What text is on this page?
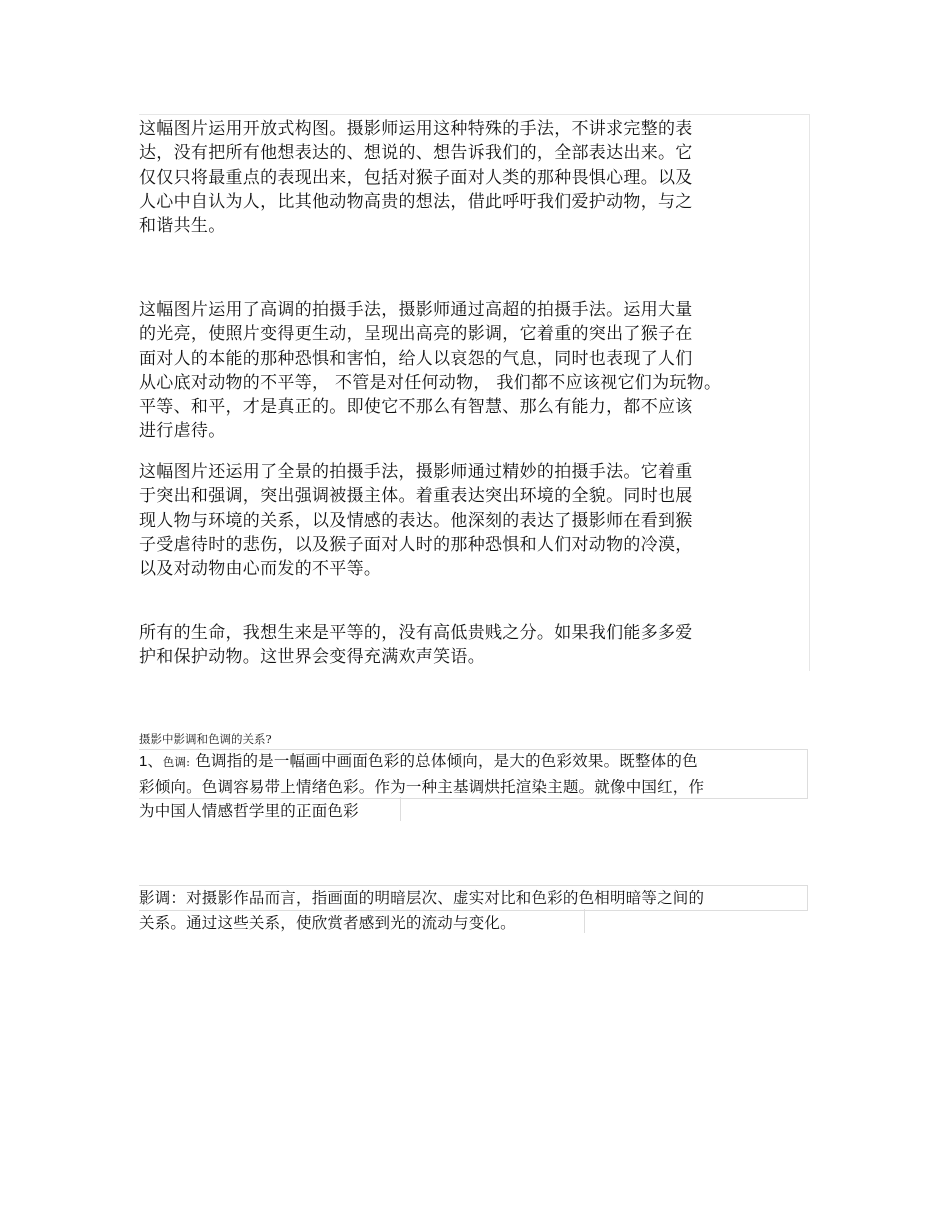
这幅图片运用开放式构图。摄影师运用这种特殊的手法，不讲求完整的表
达，没有把所有他想表达的、想说的、想告诉我们的，全部表达出来。它
仅仅只将最重点的表现出来，包括对猴子面对人类的那种畏惧心理。以及
人心中自认为人，比其他动物高贵的想法，借此呼吁我们爱护动物，与之
和谐共生。

这幅图片运用了高调的拍摄手法，摄影师通过高超的拍摄手法。运用大量
的光亮，使照片变得更生动，呈现出高亮的影调，它着重的突出了猴子在
面对人的本能的那种恐惧和害怕，给人以哀怨的气息，同时也表现了人们
从心底对动物的不平等， 不管是对任何动物， 我们都不应该视它们为玩物。
平等、和平，才是真正的。即使它不那么有智慧、那么有能力，都不应该
进行虐待。

这幅图片还运用了全景的拍摄手法，摄影师通过精妙的拍摄手法。它着重
于突出和强调，突出强调被摄主体。着重表达突出环境的全貌。同时也展
现人物与环境的关系，以及情感的表达。他深刻的表达了摄影师在看到猴
子受虐待时的悲伤，以及猴子面对人时的那种恐惧和人们对动物的冷漠，
以及对动物由心而发的不平等。

所有的生命，我想生来是平等的，没有高低贵贱之分。如果我们能多多爱
护和保护动物。这世界会变得充满欢声笑语。

摄影中影调和色调的关系?

1、色调: 色调指的是一幅画中画面色彩的总体倾向，是大的色彩效果。既整体的色
彩倾向。色调容易带上情绪色彩。作为一种主基调烘托渲染主题。就像中国红，作
为中国人情感哲学里的正面色彩

影调：对摄影作品而言，指画面的明暗层次、虚实对比和色彩的色相明暗等之间的
关系。通过这些关系，使欣赏者感到光的流动与变化。
